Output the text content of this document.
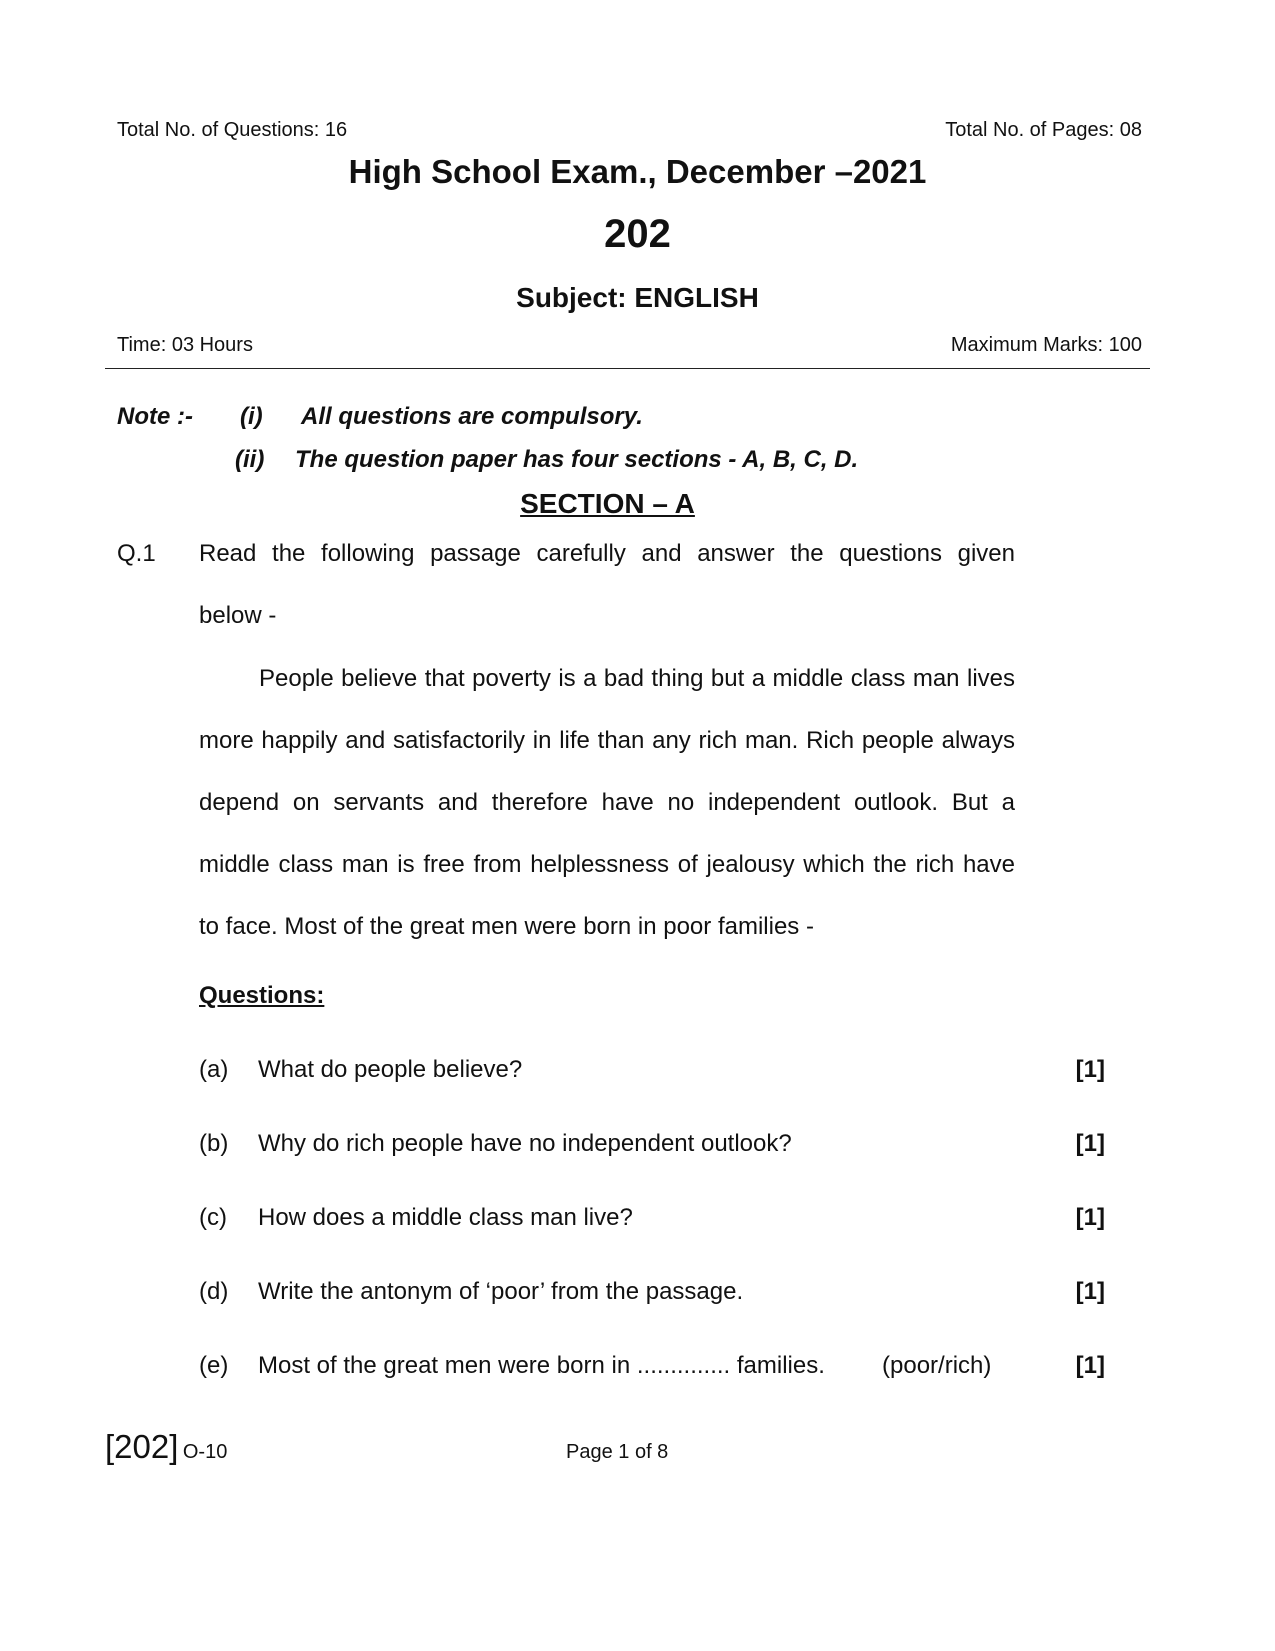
Total No. of Questions: 16	Total No. of Pages: 08
High School Exam., December –2021
202
Subject: ENGLISH
Time: 03 Hours	Maximum Marks: 100
Note :- (i) All questions are compulsory.
(ii) The question paper has four sections - A, B, C, D.
SECTION – A
Q.1 Read the following passage carefully and answer the questions given
below -

People believe that poverty is a bad thing but a middle class man lives more happily and satisfactorily in life than any rich man. Rich people always depend on servants and therefore have no independent outlook. But a middle class man is free from helplessness of jealousy which the rich have to face. Most of the great men were born in poor families -

Questions:
(a) What do people believe?	[1]
(b) Why do rich people have no independent outlook?	[1]
(c) How does a middle class man live?	[1]
(d) Write the antonym of ‘poor’ from the passage.	[1]
(e) Most of the great men were born in .............. families. (poor/rich)	[1]
[202] O-10	Page 1 of 8
